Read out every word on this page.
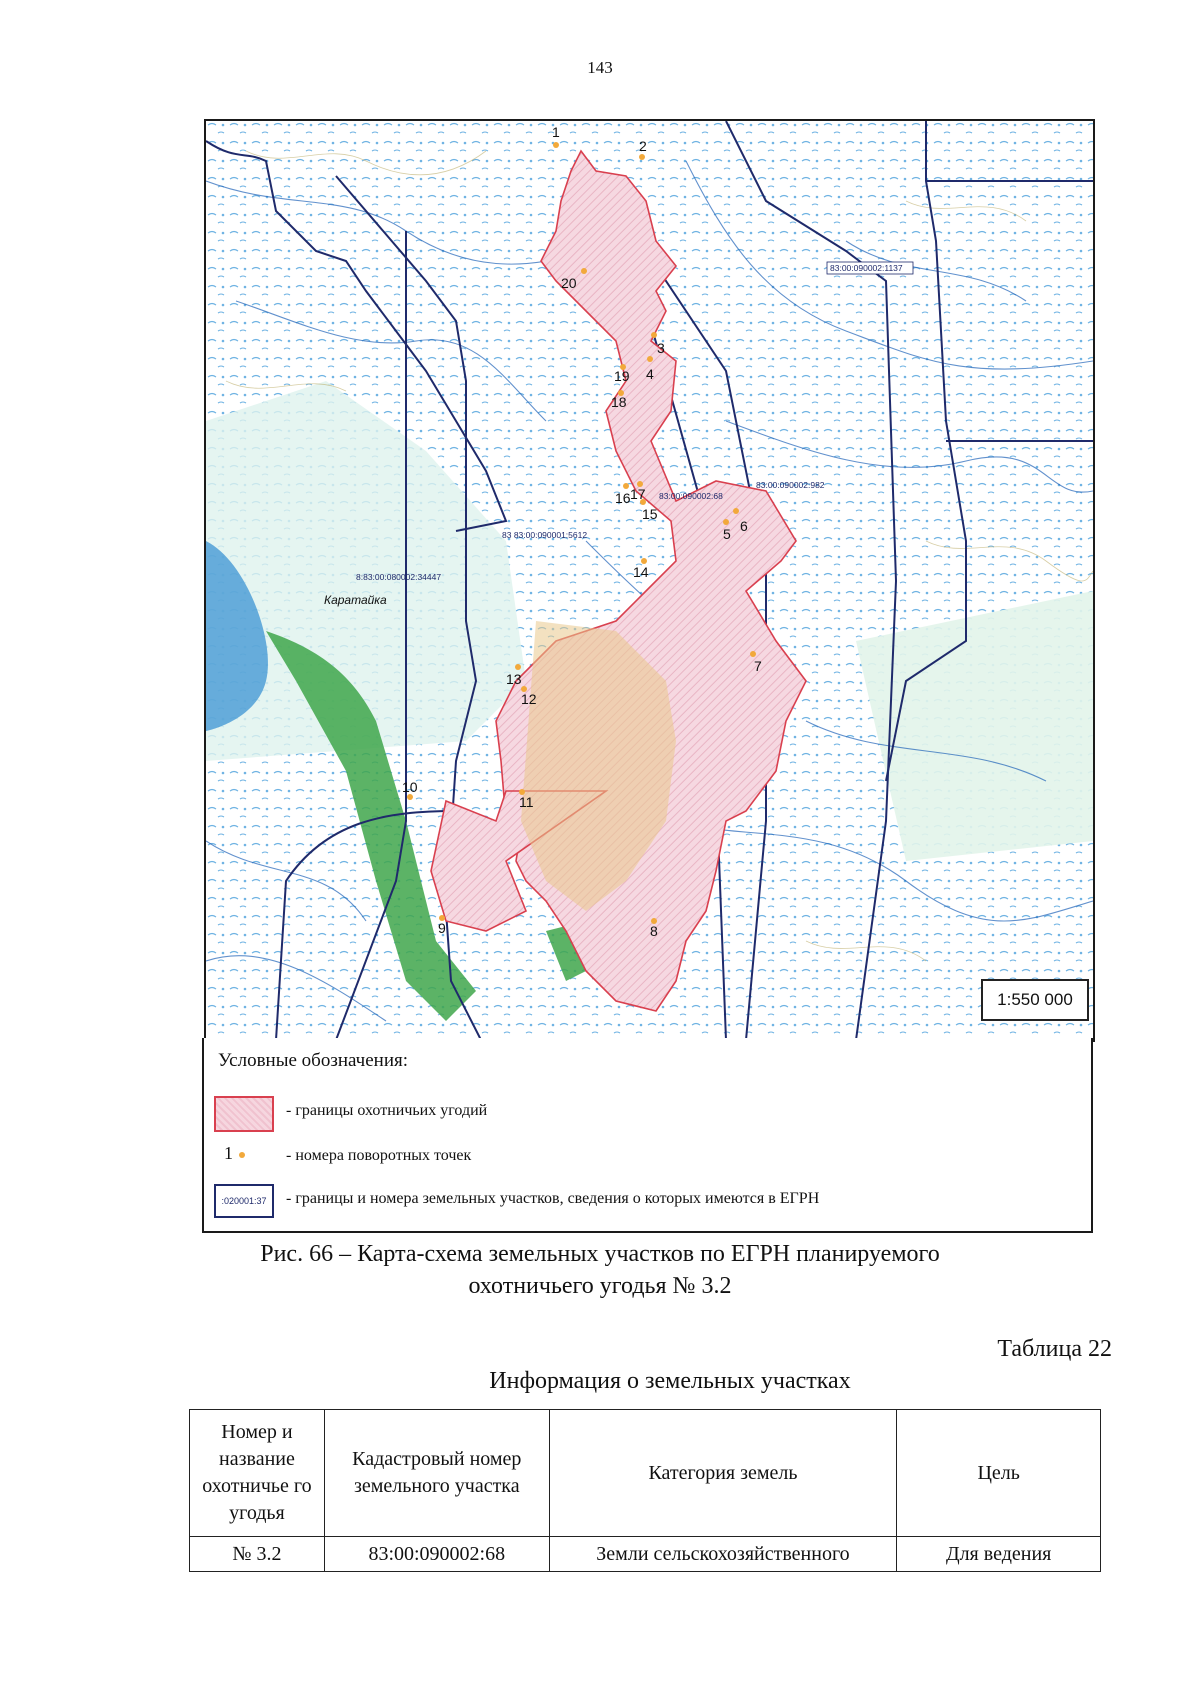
143
1
2
3
4
5 6
7
8
9
10
11
12
13
14
15
16 17
18
19
20
83:00:090002:1137
83:00:090002:68
83:00:090002:982
83 83:00:090001:5612
8:83:00:080002:34447
Каратайка
1:550 000
Условные обозначения:
- границы охотничьих угодий
1	- номера поворотных точек
:020001:37	- границы и номера земельных участков, сведения о которых имеются в ЕГРН
Рис. 66 – Карта-схема земельных участков по ЕГРН планируемого
охотничьего угодья № 3.2
Таблица 22
Информация о земельных участках
Номер и название охотничье го угодья	Кадастровый номер земельного участка	Категория земель	Цель
№ 3.2	83:00:090002:68	Земли сельскохозяйственного	Для ведения
